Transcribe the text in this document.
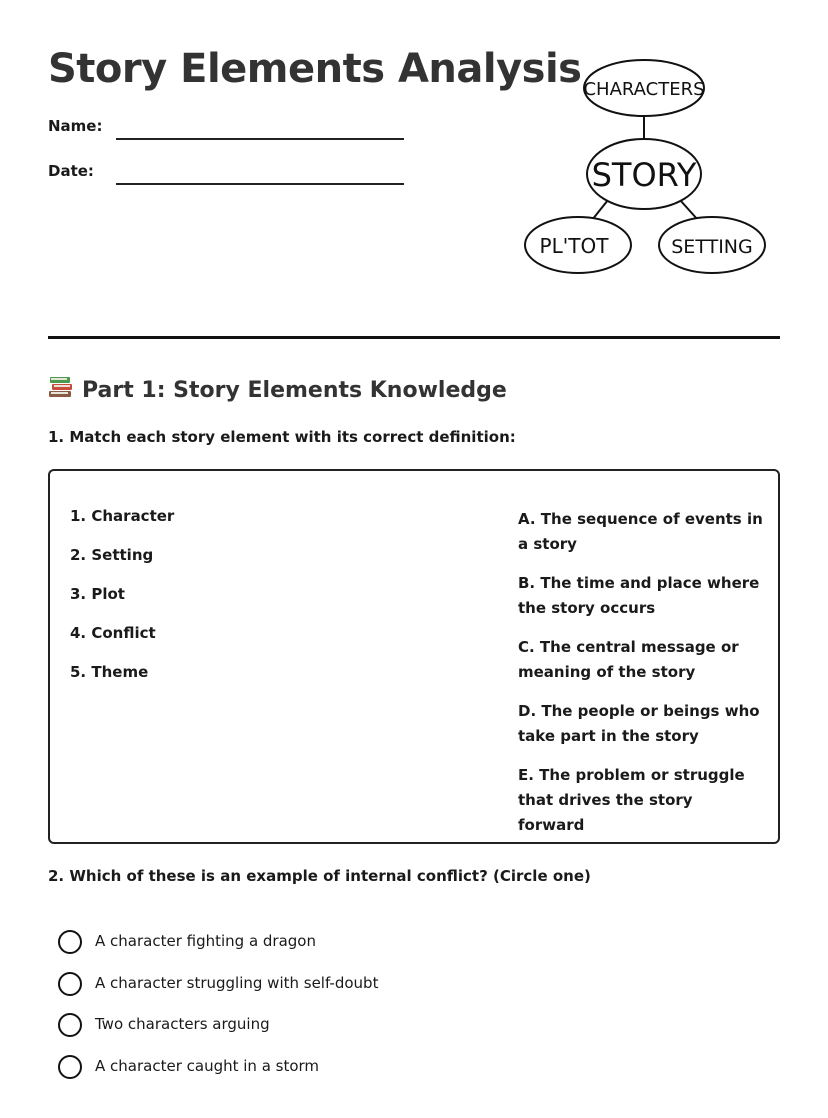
Story Elements Analysis
Name:
Date:
CHARACTERS
STORY
PL'TOT	SETTING
Part 1: Story Elements Knowledge

1. Match each story element with its correct definition:

1. Character
2. Setting
3. Plot
4. Conflict
5. Theme
A. The sequence of events in a story
B. The time and place where the story occurs
C. The central message or meaning of the story
D. The people or beings who take part in the story
E. The problem or struggle that drives the story forward

2. Which of these is an example of internal conflict? (Circle one)

A character fighting a dragon
A character struggling with self-doubt
Two characters arguing
A character caught in a storm
